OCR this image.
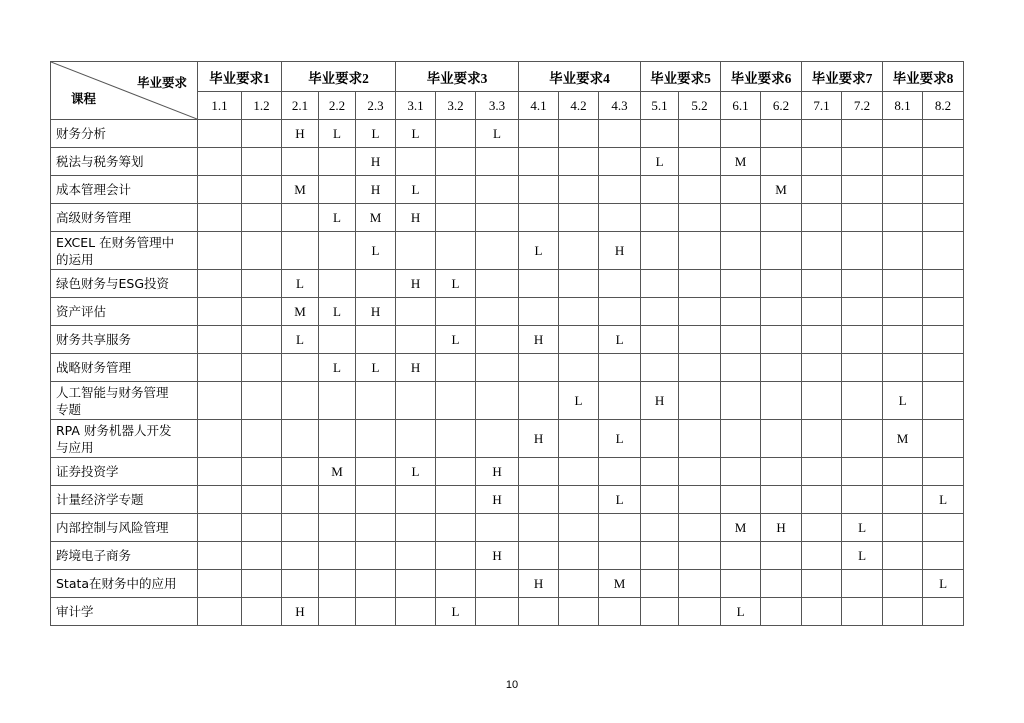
毕业要求
课程	毕业要求1		毕业要求2			毕业要求3			毕业要求4			毕业要求5		毕业要求6		毕业要求7		毕业要求8	
	1.1	1.2	2.1	2.2	2.3	3.1	3.2	3.3	4.1	4.2	4.3	5.1	5.2	6.1	6.2	7.1	7.2	8.1	8.2
财务分析			H	L	L	L		L											
税法与税务筹划					H							L		M					
成本管理会计			M		H	L									M				
高级财务管理				L	M	H													
EXCEL 在财务管理中
的运用					L				L		H								
绿色财务与ESG投资			L			H	L												
资产评估			M	L	H														
财务共享服务			L				L		H		L								
战略财务管理				L	L	H													
人工智能与财务管理
专题										L		H						L	
RPA 财务机器人开发
与应用									H		L							M	
证券投资学				M		L		H											
计量经济学专题								H			L								L
内部控制与风险管理														M	H		L		
跨境电子商务								H									L		
Stata在财务中的应用									H		M								L
审计学			H				L							L					
10
